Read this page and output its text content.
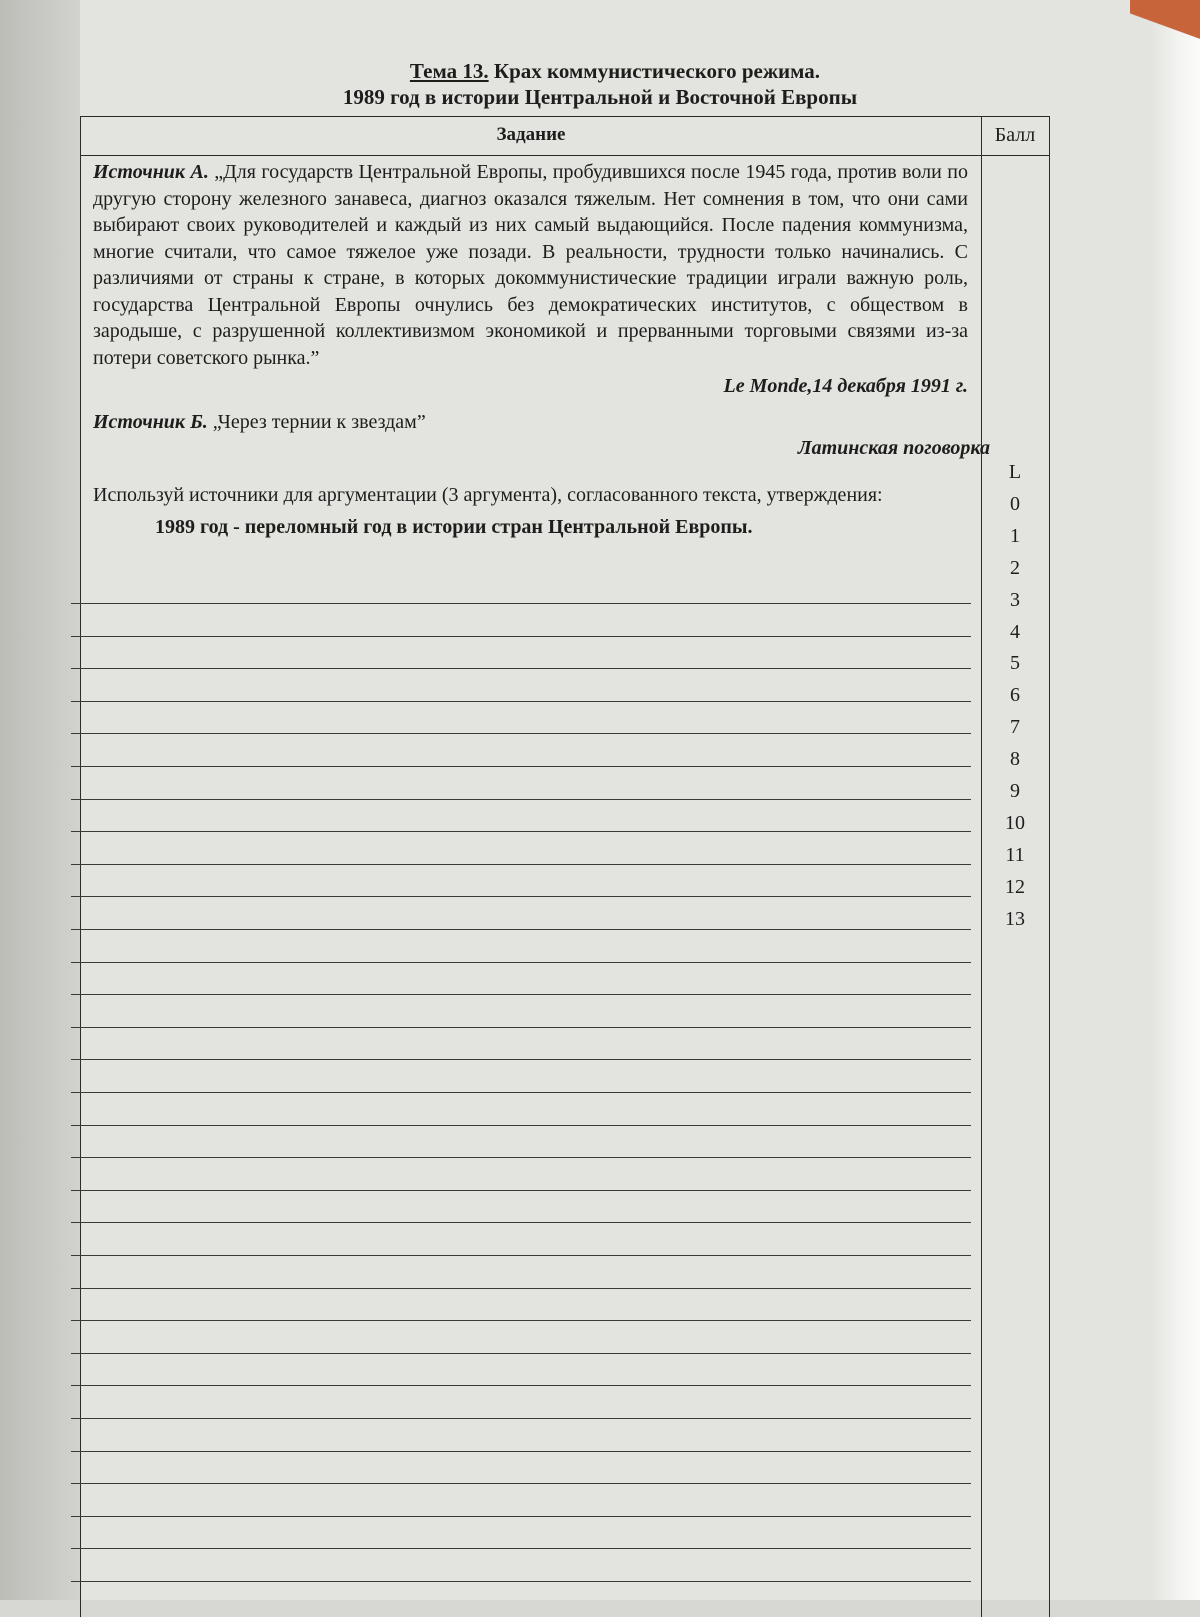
Тема 13. Крах коммунистического режима.
1989 год в истории Центральной и Восточной Европы
Задание	Балл

Источник А. „Для государств Центральной Европы, пробудившихся после 1945 года, против воли по другую сторону железного занавеса, диагноз оказался тяжелым. Нет сомнения в том, что они сами выбирают своих руководителей и каждый из них самый выдающийся. После падения коммунизма, многие считали, что самое тяжелое уже позади. В реальности, трудности только начинались. С различиями от страны к стране, в которых докоммунистические традиции играли важную роль, государства Центральной Европы очнулись без демократических институтов, с обществом в зародыше, с разрушенной коллективизмом экономикой и прерванными торговыми связями из-за потери советского рынка.”

Le Monde,14 декабря 1991 г.
Источник Б. „Через тернии к звездам”
Латинская поговорка
Используй источники для аргументации (3 аргумента), согласованного текста, утверждения:
1989 год - переломный год в истории стран Центральной Европы.
L
0
1
2
3
4
5
6
7
8
9
10
11
12
13
